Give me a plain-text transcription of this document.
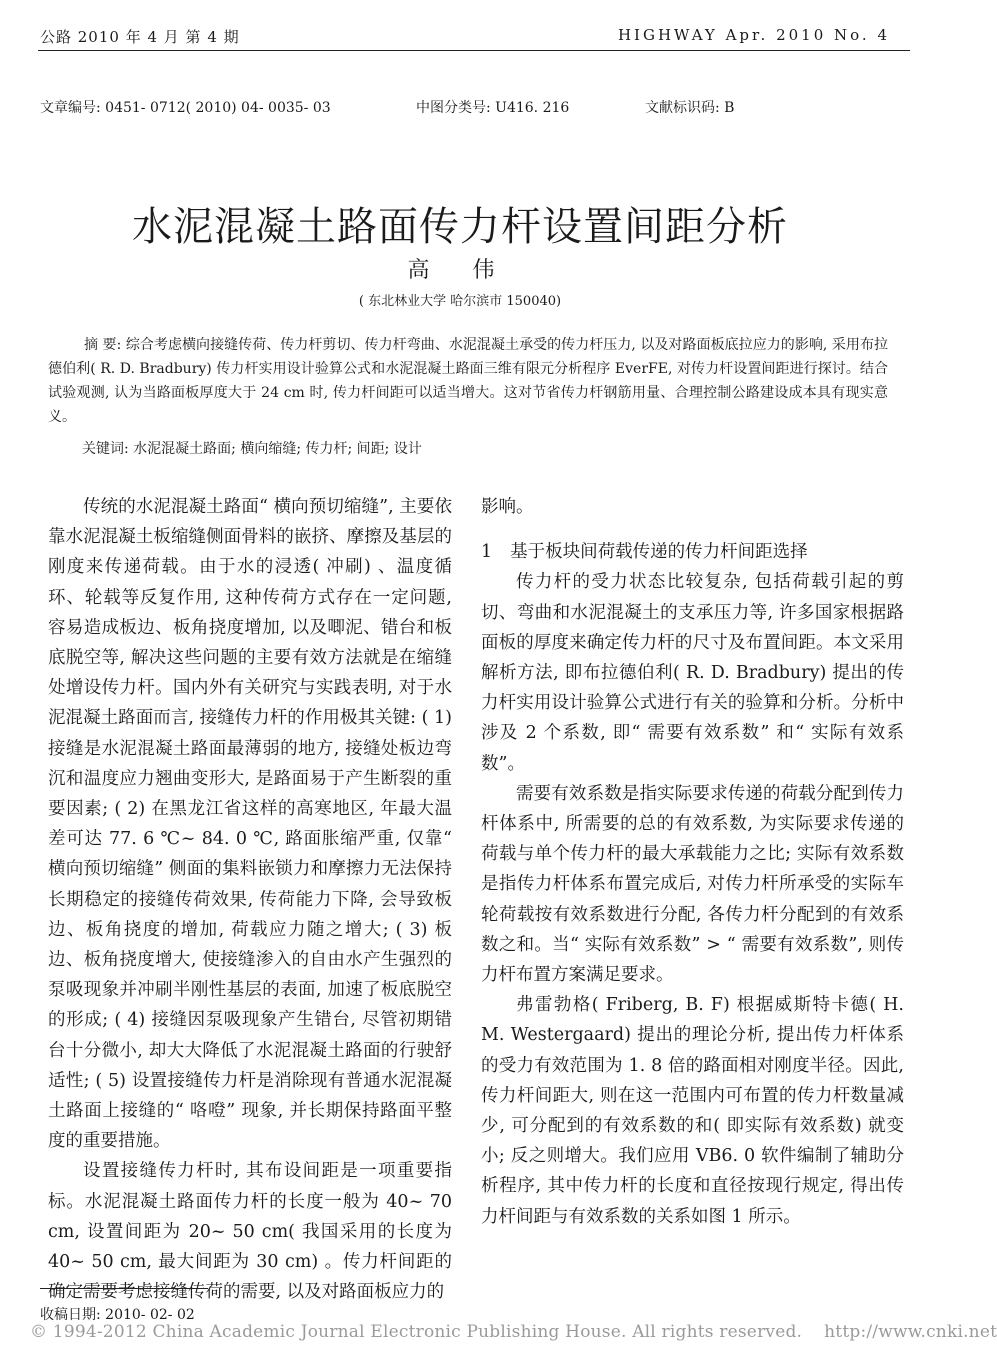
公路 2010 年 4 月 第 4 期	HIGHWAY Apr. 2010 No. 4
文章编号: 0451- 0712( 2010) 04- 0035- 03	中图分类号: U416. 216	文献标识码: B
水泥混凝土路面传力杆设置间距分析
高 伟
( 东北林业大学 哈尔滨市 150040)
摘 要: 综合考虑横向接缝传荷、传力杆剪切、传力杆弯曲、水泥混凝土承受的传力杆压力, 以及对路面板底拉应力的影响, 采用布拉德伯利( R. D. Bradbury) 传力杆实用设计验算公式和水泥混凝土路面三维有限元分析程序 EverFE, 对传力杆设置间距进行探讨。结合试验观测, 认为当路面板厚度大于 24 cm 时, 传力杆间距可以适当增大。这对节省传力杆钢筋用量、合理控制公路建设成本具有现实意义。
关键词: 水泥混凝土路面; 横向缩缝; 传力杆; 间距; 设计

传统的水泥混凝土路面“ 横向预切缩缝”, 主要依靠水泥混凝土板缩缝侧面骨料的嵌挤、摩擦及基层的刚度来传递荷载。由于水的浸透( 冲刷) 、温度循环、轮载等反复作用, 这种传荷方式存在一定问题, 容易造成板边、板角挠度增加, 以及唧泥、错台和板底脱空等, 解决这些问题的主要有效方法就是在缩缝处增设传力杆。国内外有关研究与实践表明, 对于水泥混凝土路面而言, 接缝传力杆的作用极其关键: ( 1) 接缝是水泥混凝土路面最薄弱的地方, 接缝处板边弯沉和温度应力翘曲变形大, 是路面易于产生断裂的重要因素; ( 2) 在黑龙江省这样的高寒地区, 年最大温差可达 77. 6 ℃~ 84. 0 ℃, 路面胀缩严重, 仅靠“ 横向预切缩缝” 侧面的集料嵌锁力和摩擦力无法保持长期稳定的接缝传荷效果, 传荷能力下降, 会导致板边、板角挠度的增加, 荷载应力随之增大; ( 3) 板边、板角挠度增大, 使接缝渗入的自由水产生强烈的泵吸现象并冲刷半刚性基层的表面, 加速了板底脱空的形成; ( 4) 接缝因泵吸现象产生错台, 尽管初期错台十分微小, 却大大降低了水泥混凝土路面的行驶舒适性; ( 5) 设置接缝传力杆是消除现有普通水泥混凝土路面上接缝的“ 咯噔” 现象, 并长期保持路面平整度的重要措施。

设置接缝传力杆时, 其布设间距是一项重要指标。水泥混凝土路面传力杆的长度一般为 40~ 70 cm, 设置间距为 20~ 50 cm( 我国采用的长度为 40~ 50 cm, 最大间距为 30 cm) 。传力杆间距的确定需要考虑接缝传荷的需要, 以及对路面板应力的

影响。

1 基于板块间荷载传递的传力杆间距选择

传力杆的受力状态比较复杂, 包括荷载引起的剪切、弯曲和水泥混凝土的支承压力等, 许多国家根据路面板的厚度来确定传力杆的尺寸及布置间距。本文采用解析方法, 即布拉德伯利( R. D. Bradbury) 提出的传力杆实用设计验算公式进行有关的验算和分析。分析中涉及 2 个系数, 即“ 需要有效系数” 和“ 实际有效系数”。

需要有效系数是指实际要求传递的荷载分配到传力杆体系中, 所需要的总的有效系数, 为实际要求传递的荷载与单个传力杆的最大承载能力之比; 实际有效系数是指传力杆体系布置完成后, 对传力杆所承受的实际车轮荷载按有效系数进行分配, 各传力杆分配到的有效系数之和。当“ 实际有效系数” > “ 需要有效系数”, 则传力杆布置方案满足要求。

弗雷勃格( Friberg, B. F) 根据威斯特卡德( H. M. Westergaard) 提出的理论分析, 提出传力杆体系的受力有效范围为 1. 8 倍的路面相对刚度半径。因此, 传力杆间距大, 则在这一范围内可布置的传力杆数量减少, 可分配到的有效系数的和( 即实际有效系数) 就变小; 反之则增大。我们应用 VB6. 0 软件编制了辅助分析程序, 其中传力杆的长度和直径按现行规定, 得出传力杆间距与有效系数的关系如图 1 所示。

收稿日期: 2010- 02- 02
© 1994-2012 China Academic Journal Electronic Publishing House. All rights reserved. http://www.cnki.net
